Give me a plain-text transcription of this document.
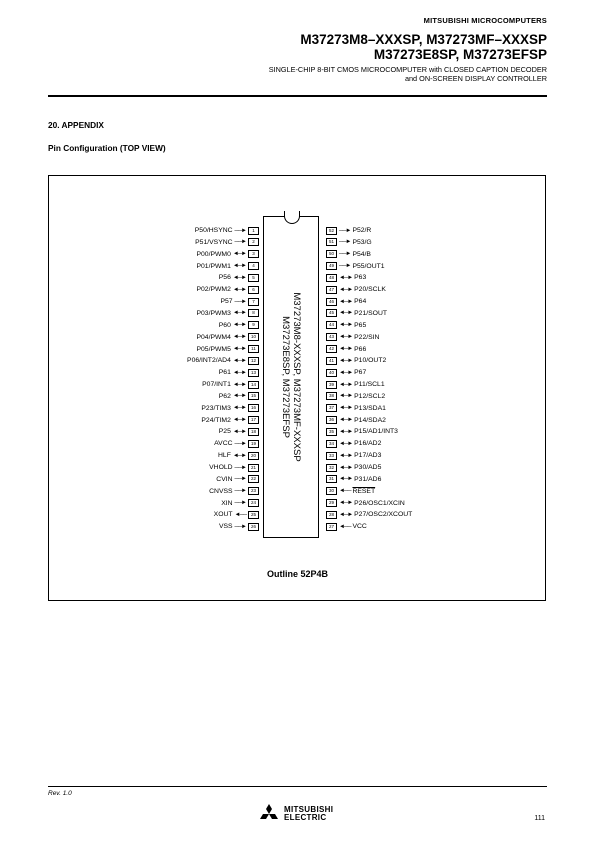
MITSUBISHI MICROCOMPUTERS
M37273M8–XXXSP, M37273MF–XXXSP
M37273E8SP, M37273EFSP
SINGLE-CHIP 8-BIT CMOS MICROCOMPUTER with CLOSED CAPTION DECODER
and ON-SCREEN DISPLAY CONTROLLER
20. APPENDIX
Pin Configuration (TOP VIEW)
M37273M8-XXXSP, M37273MF-XXXSP
M37273E8SP, M37273EFSP
P50/HSYNC ──►	1
P51/VSYNC ──►	2
P00/PWM0 ◄─►	3
P01/PWM1 ◄─►	4
P56 ◄─►	5
P02/PWM2 ◄─►	6
P57 ──►	7
P03/PWM3 ◄─►	8
P60 ◄─►	9
P04/PWM4 ◄─►	10
P05/PWM5 ◄─►	11
P06/INT2/AD4 ◄─►	12
P61 ◄─►	13
P07/INT1 ◄─►	14
P62 ◄─►	15
P23/TIM3 ◄─►	16
P24/TIM2 ◄─►	17
P25 ◄─►	18
AVCC ──►	19
HLF ◄─►	20
VHOLD ──►	21
CVIN ──►	22
CNVSS ──►	23
XIN ──►	24
XOUT ◄──	25
VSS ──►	26
52 ──► P52/R
51 ──► P53/G
50 ──► P54/B
49 ──► P55/OUT1
48 ◄─► P63
47 ◄─► P20/SCLK
46 ◄─► P64
45 ◄─► P21/SOUT
44 ◄─► P65
43 ◄─► P22/SIN
42 ◄─► P66
41 ◄─► P10/OUT2
40 ◄─► P67
39 ◄─► P11/SCL1
38 ◄─► P12/SCL2
37 ◄─► P13/SDA1
36 ◄─► P14/SDA2
35 ◄─► P15/AD1/INT3
34 ◄─► P16/AD2
33 ◄─► P17/AD3
32 ◄─► P30/AD5
31 ◄─► P31/AD6
30 ◄── RESET
29 ◄─► P26/OSC1/XCIN
28 ◄─► P27/OSC2/XCOUT
27 ◄── VCC
Outline 52P4B
Rev. 1.0
MITSUBISHI
ELECTRIC	111
